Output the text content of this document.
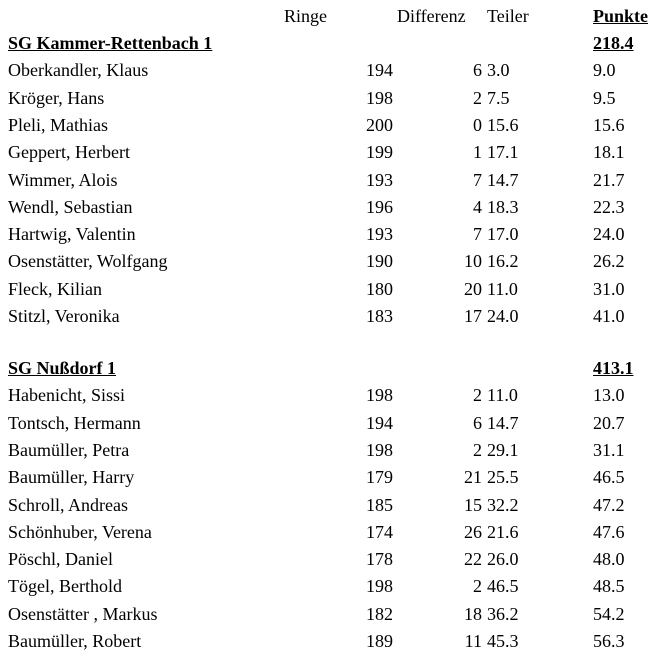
Ringe	Differenz Teiler	Punkte
SG Kammer-Rettenbach 1	218.4
Oberkandler, Klaus	194	6 3.0	9.0
Kröger, Hans	198	2 7.5	9.5
Pleli, Mathias	200	0 15.6	15.6
Geppert, Herbert	199	1 17.1	18.1
Wimmer, Alois	193	7 14.7	21.7
Wendl, Sebastian	196	4 18.3	22.3
Hartwig, Valentin	193	7 17.0	24.0
Osenstätter, Wolfgang	190	10 16.2	26.2
Fleck, Kilian	180	20 11.0	31.0
Stitzl, Veronika	183	17 24.0	41.0
SG Nußdorf 1	413.1
Habenicht, Sissi	198	2 11.0	13.0
Tontsch, Hermann	194	6 14.7	20.7
Baumüller, Petra	198	2 29.1	31.1
Baumüller, Harry	179	21 25.5	46.5
Schroll, Andreas	185	15 32.2	47.2
Schönhuber, Verena	174	26 21.6	47.6
Pöschl, Daniel	178	22 26.0	48.0
Tögel, Berthold	198	2 46.5	48.5
Osenstätter , Markus	182	18 36.2	54.2
Baumüller, Robert	189	11 45.3	56.3
